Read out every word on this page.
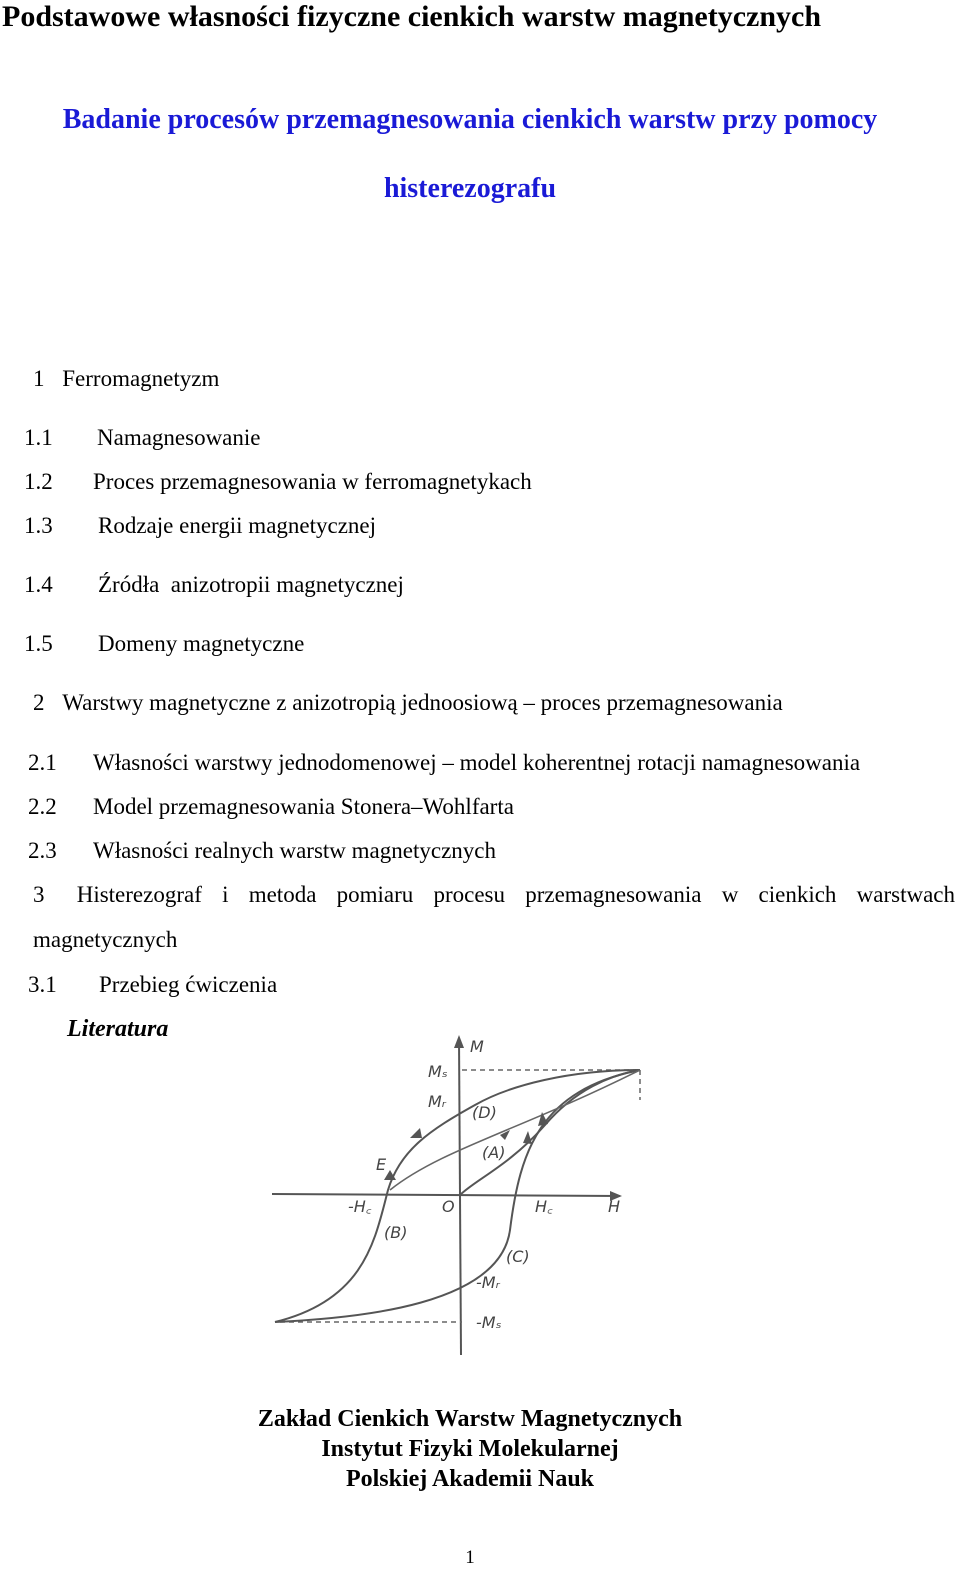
Podstawowe własności fizyczne cienkich warstw magnetycznych
Badanie procesów przemagnesowania cienkich warstw przy pomocy
histerezografu
1 Ferromagnetyzm
1.1 Namagnesowanie
1.2 Proces przemagnesowania w ferromagnetykach
1.3 Rodzaje energii magnetycznej
1.4 Źródła  anizotropii magnetycznej
1.5 Domeny magnetyczne
2 Warstwy magnetyczne z anizotropią jednoosiową – proces przemagnesowania
2.1 Własności warstwy jednodomenowej – model koherentnej rotacji namagnesowania
2.2 Model przemagnesowania Stonera–Wohlfarta
2.3 Własności realnych warstw magnetycznych
3 Histerezograf i metoda pomiaru procesu przemagnesowania w cienkich warstwach
magnetycznych
3.1 Przebieg ćwiczenia
Literatura
M
Mₛ
Mᵣ
(D)
(A)
E
-H꜀	O	H꜀	H
(B)
(C)
-Mᵣ
-Mₛ
Zakład Cienkich Warstw Magnetycznych
Instytut Fizyki Molekularnej
Polskiej Akademii Nauk
1
